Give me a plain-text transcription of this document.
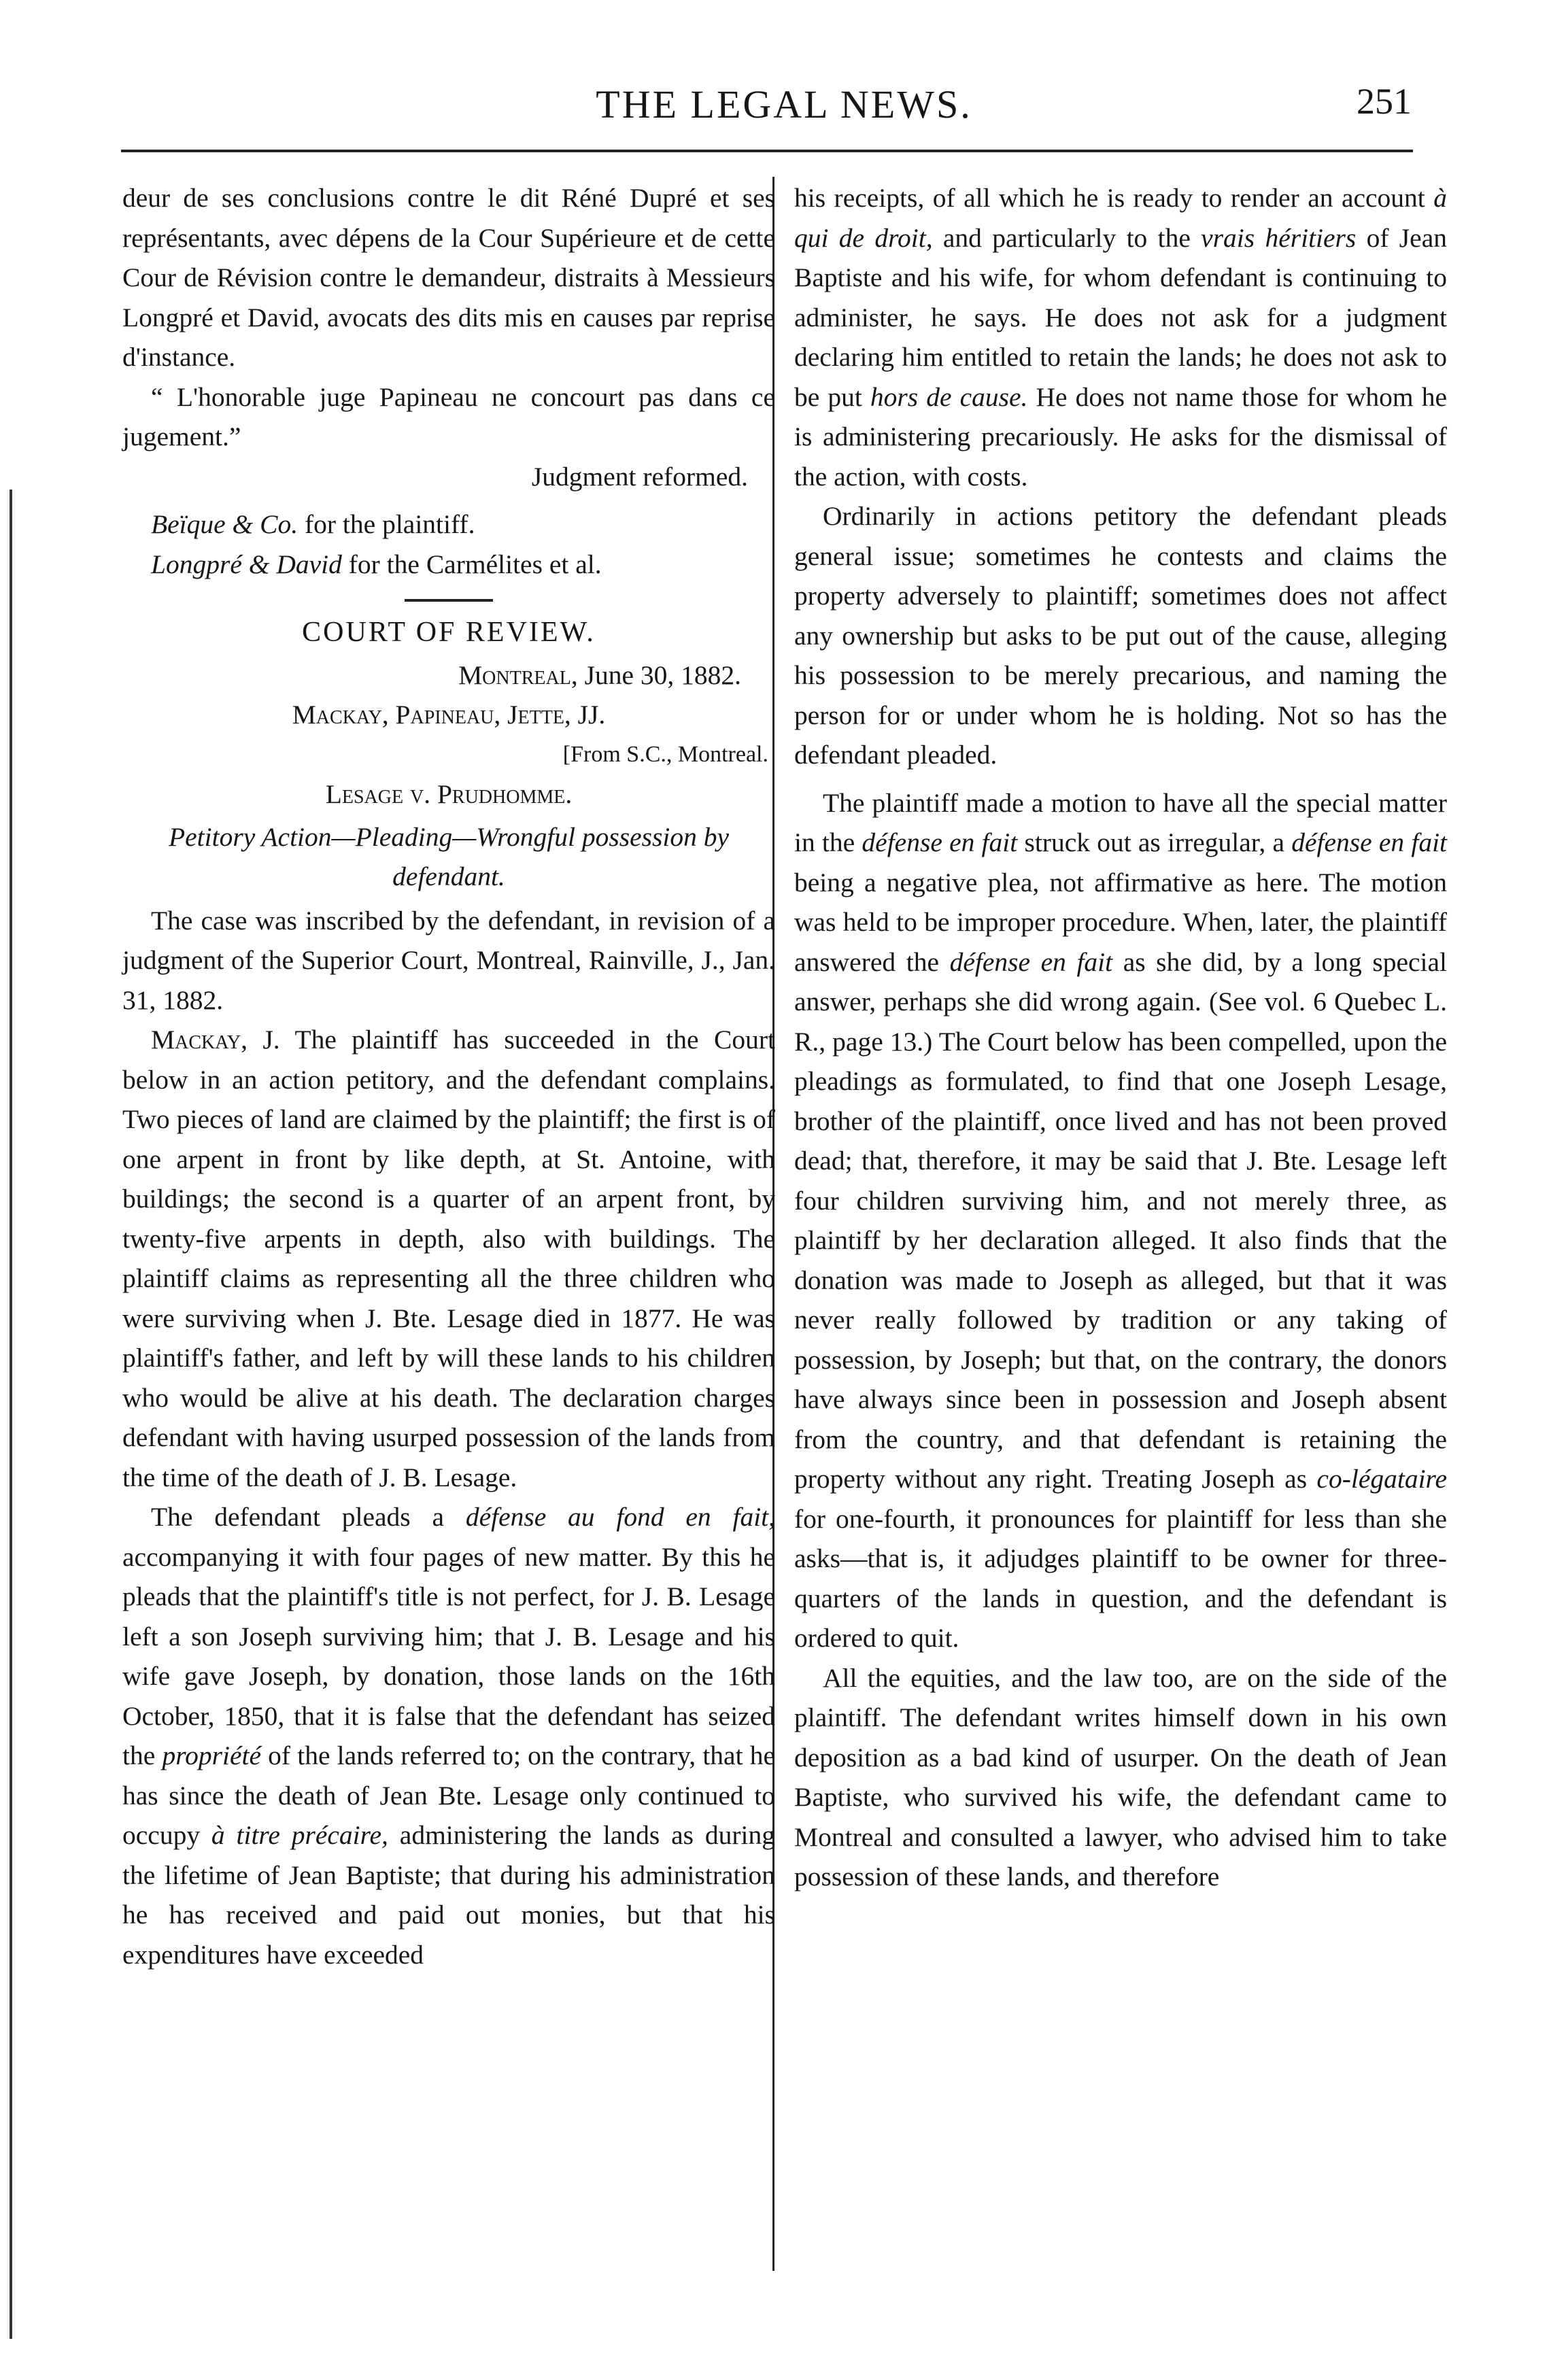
THE LEGAL NEWS.	251

deur de ses conclusions contre le dit Réné Dupré et ses représentants, avec dépens de la Cour Supérieure et de cette Cour de Révision contre le demandeur, distraits à Messieurs Longpré et David, avocats des dits mis en causes par reprise d'instance.

“ L'honorable juge Papineau ne concourt pas dans ce jugement.”

Judgment reformed.

Beïque & Co. for the plaintiff.

Longpré & David for the Carmélites et al.

COURT OF REVIEW.
Montreal, June 30, 1882.
Mackay, Papineau, Jette, JJ.
[From S.C., Montreal.
Lesage v. Prudhomme.
Petitory Action—Pleading—Wrongful possession by defendant.

The case was inscribed by the defendant, in revision of a judgment of the Superior Court, Montreal, Rainville, J., Jan. 31, 1882.

Mackay, J. The plaintiff has succeeded in the Court below in an action petitory, and the defendant complains. Two pieces of land are claimed by the plaintiff; the first is of one arpent in front by like depth, at St. Antoine, with buildings; the second is a quarter of an arpent front, by twenty-five arpents in depth, also with buildings. The plaintiff claims as representing all the three children who were surviving when J. Bte. Lesage died in 1877. He was plaintiff's father, and left by will these lands to his children who would be alive at his death. The declaration charges defendant with having usurped possession of the lands from the time of the death of J. B. Lesage.

The defendant pleads a défense au fond en fait, accompanying it with four pages of new matter. By this he pleads that the plaintiff's title is not perfect, for J. B. Lesage left a son Joseph surviving him; that J. B. Lesage and his wife gave Joseph, by donation, those lands on the 16th October, 1850, that it is false that the defendant has seized the propriété of the lands referred to; on the contrary, that he has since the death of Jean Bte. Lesage only continued to occupy à titre précaire, administering the lands as during the lifetime of Jean Baptiste; that during his administration he has received and paid out monies, but that his expenditures have exceeded

his receipts, of all which he is ready to render an account à qui de droit, and particularly to the vrais héritiers of Jean Baptiste and his wife, for whom defendant is continuing to administer, he says. He does not ask for a judgment declaring him entitled to retain the lands; he does not ask to be put hors de cause. He does not name those for whom he is administering precariously. He asks for the dismissal of the action, with costs.

Ordinarily in actions petitory the defendant pleads general issue; sometimes he contests and claims the property adversely to plaintiff; sometimes does not affect any ownership but asks to be put out of the cause, alleging his possession to be merely precarious, and naming the person for or under whom he is holding. Not so has the defendant pleaded.

The plaintiff made a motion to have all the special matter in the défense en fait struck out as irregular, a défense en fait being a negative plea, not affirmative as here. The motion was held to be improper procedure. When, later, the plaintiff answered the défense en fait as she did, by a long special answer, perhaps she did wrong again. (See vol. 6 Quebec L. R., page 13.) The Court below has been compelled, upon the pleadings as formulated, to find that one Joseph Lesage, brother of the plaintiff, once lived and has not been proved dead; that, therefore, it may be said that J. Bte. Lesage left four children surviving him, and not merely three, as plaintiff by her declaration alleged. It also finds that the donation was made to Joseph as alleged, but that it was never really followed by tradition or any taking of possession, by Joseph; but that, on the contrary, the donors have always since been in possession and Joseph absent from the country, and that defendant is retaining the property without any right. Treating Joseph as co-légataire for one-fourth, it pronounces for plaintiff for less than she asks—that is, it adjudges plaintiff to be owner for three-quarters of the lands in question, and the defendant is ordered to quit.

All the equities, and the law too, are on the side of the plaintiff. The defendant writes himself down in his own deposition as a bad kind of usurper. On the death of Jean Baptiste, who survived his wife, the defendant came to Montreal and consulted a lawyer, who advised him to take possession of these lands, and therefore
